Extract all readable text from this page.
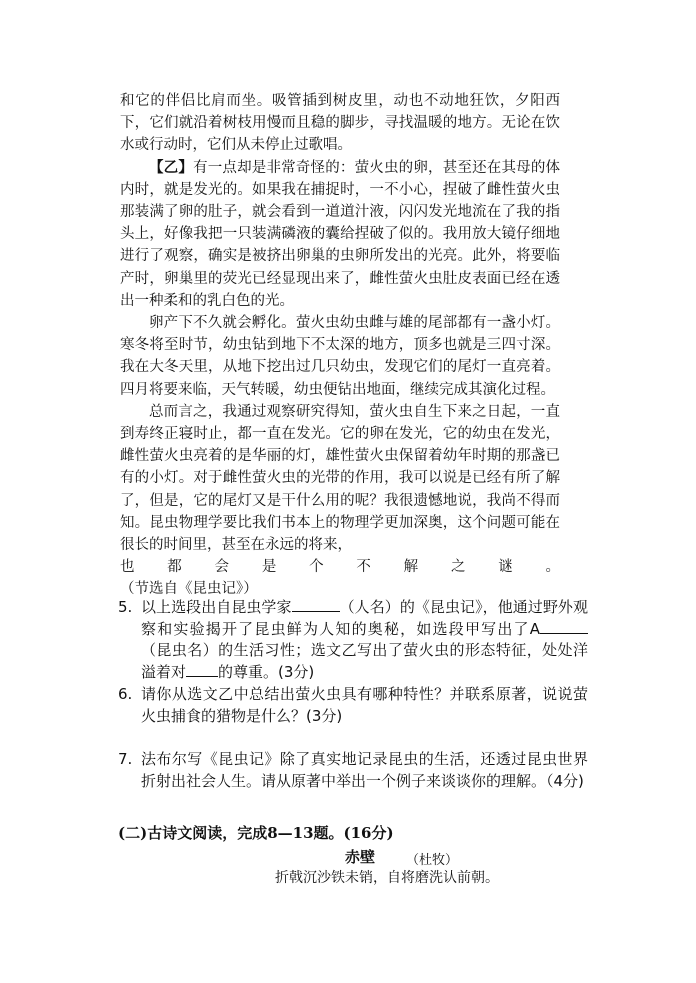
和它的伴侣比肩而坐。吸管插到树皮里，动也不动地狂饮，夕阳西下，它们就沿着树枝用慢而且稳的脚步，寻找温暖的地方。无论在饮水或行动时，它们从未停止过歌唱。

【乙】有一点却是非常奇怪的：萤火虫的卵，甚至还在其母的体内时，就是发光的。如果我在捕捉时，一不小心，捏破了雌性萤火虫那装满了卵的肚子，就会看到一道道汁液，闪闪发光地流在了我的指头上，好像我把一只装满磷液的囊给捏破了似的。我用放大镜仔细地进行了观察，确实是被挤出卵巢的虫卵所发出的光亮。此外，将要临产时，卵巢里的荧光已经显现出来了，雌性萤火虫肚皮表面已经在透出一种柔和的乳白色的光。

卵产下不久就会孵化。萤火虫幼虫雌与雄的尾部都有一盏小灯。寒冬将至时节，幼虫钻到地下不太深的地方，顶多也就是三四寸深。我在大冬天里，从地下挖出过几只幼虫，发现它们的尾灯一直亮着。四月将要来临，天气转暖，幼虫便钻出地面，继续完成其演化过程。

总而言之，我通过观察研究得知，萤火虫自生下来之日起，一直到寿终正寝时止，都一直在发光。它的卵在发光，它的幼虫在发光，雌性萤火虫亮着的是华丽的灯，雄性萤火虫保留着幼年时期的那盏已有的小灯。对于雌性萤火虫的光带的作用，我可以说是已经有所了解了，但是，它的尾灯又是干什么用的呢？我很遗憾地说，我尚不得而知。昆虫物理学要比我们书本上的物理学更加深奥，这个问题可能在很长的时间里，甚至在永远的将来，

也都会是个不解之谜。

（节选自《昆虫记》）
5. 以上选段出自昆虫学家	（人名）的《昆虫记》，他通过野外观察和实验揭开了昆虫鲜为人知的奥秘，如选段甲写出了A（昆虫名）的生活习性；选文乙写出了萤火虫的形态特征，处处洋溢着对 的尊重。(3分)
6. 请你从选文乙中总结出萤火虫具有哪种特性？并联系原著，说说萤火虫捕食的猎物是什么？(3分)
7. 法布尔写《昆虫记》除了真实地记录昆虫的生活，还透过昆虫世界折射出社会人生。请从原著中举出一个例子来谈谈你的理解。（4分)
(二)古诗文阅读，完成8—13题。(16分)
赤壁 （杜牧）
折戟沉沙铁未销，自将磨洗认前朝。
